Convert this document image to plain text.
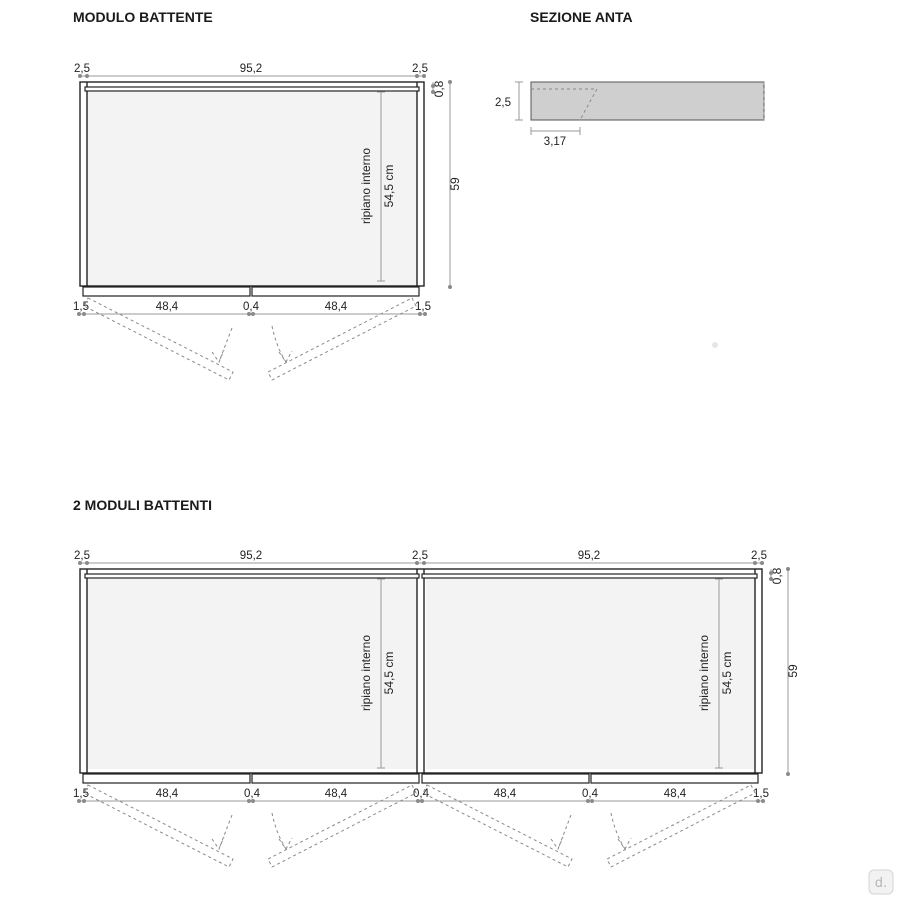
MODULO BATTENTE	SEZIONE ANTA
2 MODULI BATTENTI
2,5	95,2	2,5
0,8
59
ripiano interno 54,5 cm
1,5	48,4	0,4	48,4	1,5
2,5
3,17
2,5	95,2	2,5	95,2	2,5
0,8
59
ripiano interno 54,5 cm	ripiano interno 54,5 cm
1,5	48,4	0,4	48,4	0,4	48,4	0,4	48,4	1,5
d.
